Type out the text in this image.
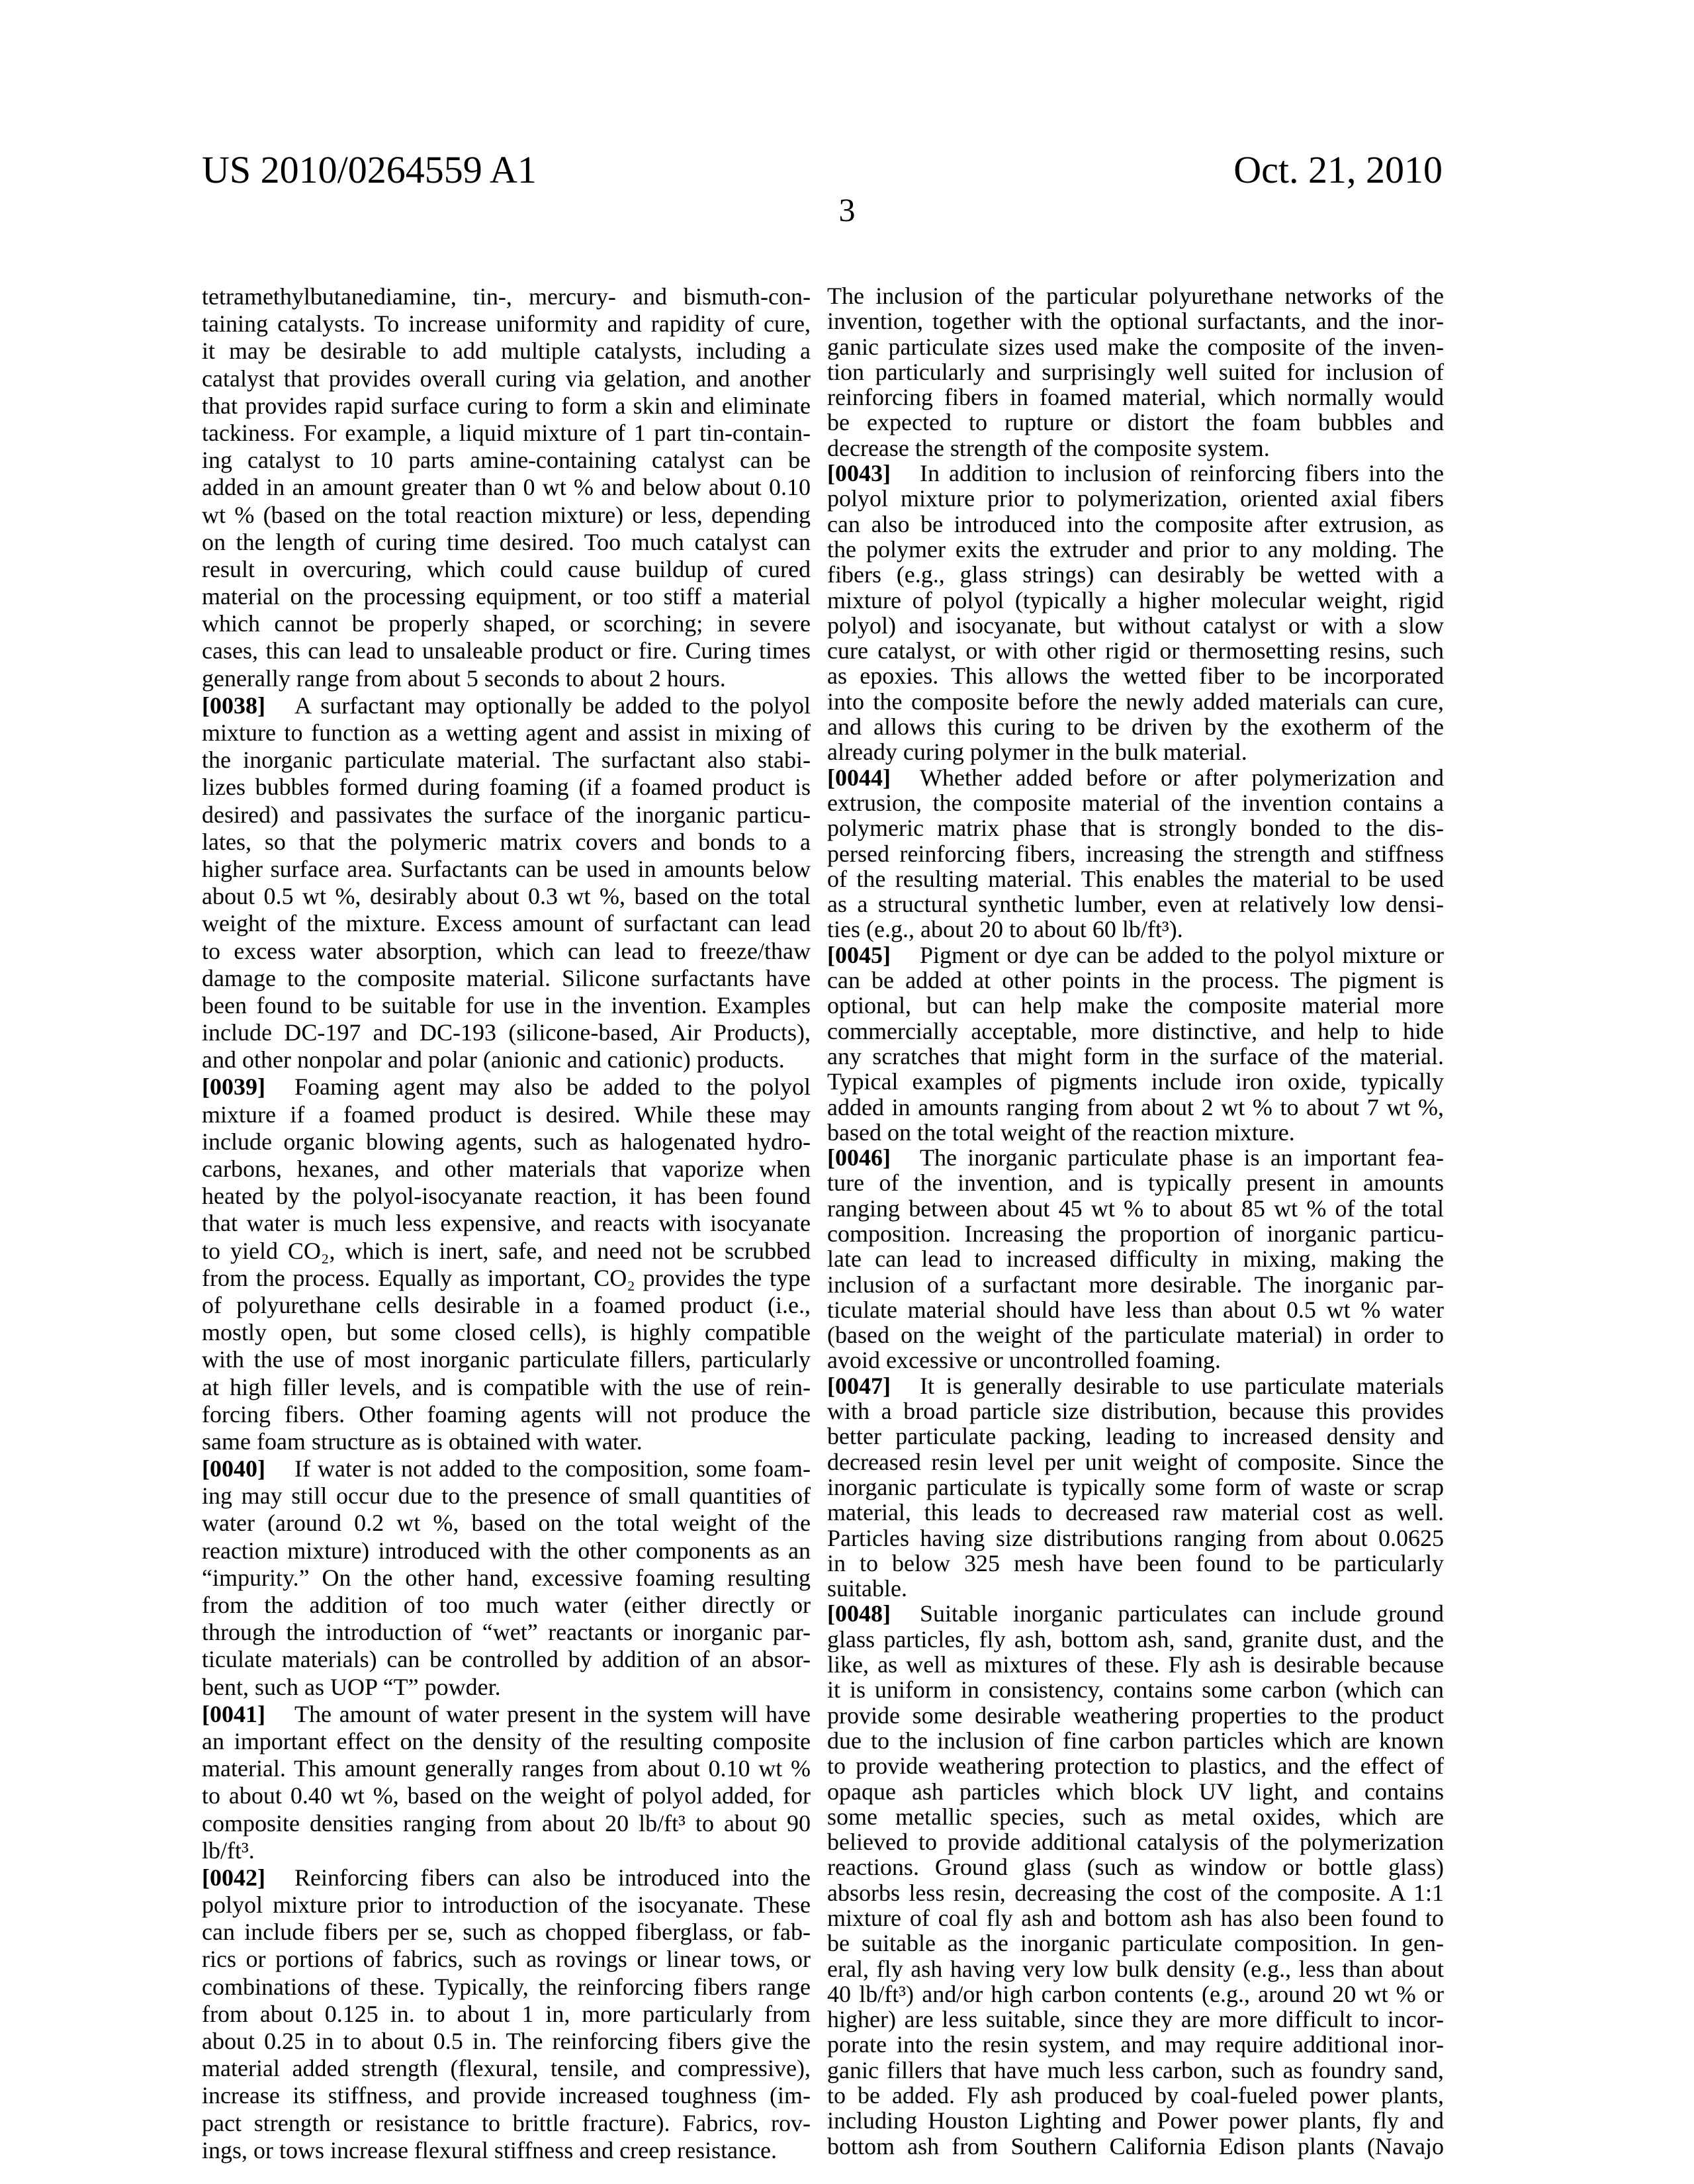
US 2010/0264559 A1	Oct. 21, 2010
3
tetramethylbutanediamine, tin-, mercury- and bismuth-con-
taining catalysts. To increase uniformity and rapidity of cure,
it may be desirable to add multiple catalysts, including a
catalyst that provides overall curing via gelation, and another
that provides rapid surface curing to form a skin and eliminate
tackiness. For example, a liquid mixture of 1 part tin-contain-
ing catalyst to 10 parts amine-containing catalyst can be
added in an amount greater than 0 wt % and below about 0.10
wt % (based on the total reaction mixture) or less, depending
on the length of curing time desired. Too much catalyst can
result in overcuring, which could cause buildup of cured
material on the processing equipment, or too stiff a material
which cannot be properly shaped, or scorching; in severe
cases, this can lead to unsaleable product or fire. Curing times
generally range from about 5 seconds to about 2 hours.
[0038] A surfactant may optionally be added to the polyol
mixture to function as a wetting agent and assist in mixing of
the inorganic particulate material. The surfactant also stabi-
lizes bubbles formed during foaming (if a foamed product is
desired) and passivates the surface of the inorganic particu-
lates, so that the polymeric matrix covers and bonds to a
higher surface area. Surfactants can be used in amounts below
about 0.5 wt %, desirably about 0.3 wt %, based on the total
weight of the mixture. Excess amount of surfactant can lead
to excess water absorption, which can lead to freeze/thaw
damage to the composite material. Silicone surfactants have
been found to be suitable for use in the invention. Examples
include DC-197 and DC-193 (silicone-based, Air Products),
and other nonpolar and polar (anionic and cationic) products.
[0039] Foaming agent may also be added to the polyol
mixture if a foamed product is desired. While these may
include organic blowing agents, such as halogenated hydro-
carbons, hexanes, and other materials that vaporize when
heated by the polyol-isocyanate reaction, it has been found
that water is much less expensive, and reacts with isocyanate
to yield CO₂, which is inert, safe, and need not be scrubbed
from the process. Equally as important, CO₂ provides the type
of polyurethane cells desirable in a foamed product (i.e.,
mostly open, but some closed cells), is highly compatible
with the use of most inorganic particulate fillers, particularly
at high filler levels, and is compatible with the use of rein-
forcing fibers. Other foaming agents will not produce the
same foam structure as is obtained with water.
[0040] If water is not added to the composition, some foam-
ing may still occur due to the presence of small quantities of
water (around 0.2 wt %, based on the total weight of the
reaction mixture) introduced with the other components as an
“impurity.” On the other hand, excessive foaming resulting
from the addition of too much water (either directly or
through the introduction of “wet” reactants or inorganic par-
ticulate materials) can be controlled by addition of an absor-
bent, such as UOP “T” powder.
[0041] The amount of water present in the system will have
an important effect on the density of the resulting composite
material. This amount generally ranges from about 0.10 wt %
to about 0.40 wt %, based on the weight of polyol added, for
composite densities ranging from about 20 lb/ft³ to about 90
lb/ft³.
[0042] Reinforcing fibers can also be introduced into the
polyol mixture prior to introduction of the isocyanate. These
can include fibers per se, such as chopped fiberglass, or fab-
rics or portions of fabrics, such as rovings or linear tows, or
combinations of these. Typically, the reinforcing fibers range
from about 0.125 in. to about 1 in, more particularly from
about 0.25 in to about 0.5 in. The reinforcing fibers give the
material added strength (flexural, tensile, and compressive),
increase its stiffness, and provide increased toughness (im-
pact strength or resistance to brittle fracture). Fabrics, rov-
ings, or tows increase flexural stiffness and creep resistance.
The inclusion of the particular polyurethane networks of the
invention, together with the optional surfactants, and the inor-
ganic particulate sizes used make the composite of the inven-
tion particularly and surprisingly well suited for inclusion of
reinforcing fibers in foamed material, which normally would
be expected to rupture or distort the foam bubbles and
decrease the strength of the composite system.
[0043] In addition to inclusion of reinforcing fibers into the
polyol mixture prior to polymerization, oriented axial fibers
can also be introduced into the composite after extrusion, as
the polymer exits the extruder and prior to any molding. The
fibers (e.g., glass strings) can desirably be wetted with a
mixture of polyol (typically a higher molecular weight, rigid
polyol) and isocyanate, but without catalyst or with a slow
cure catalyst, or with other rigid or thermosetting resins, such
as epoxies. This allows the wetted fiber to be incorporated
into the composite before the newly added materials can cure,
and allows this curing to be driven by the exotherm of the
already curing polymer in the bulk material.
[0044] Whether added before or after polymerization and
extrusion, the composite material of the invention contains a
polymeric matrix phase that is strongly bonded to the dis-
persed reinforcing fibers, increasing the strength and stiffness
of the resulting material. This enables the material to be used
as a structural synthetic lumber, even at relatively low densi-
ties (e.g., about 20 to about 60 lb/ft³).
[0045] Pigment or dye can be added to the polyol mixture or
can be added at other points in the process. The pigment is
optional, but can help make the composite material more
commercially acceptable, more distinctive, and help to hide
any scratches that might form in the surface of the material.
Typical examples of pigments include iron oxide, typically
added in amounts ranging from about 2 wt % to about 7 wt %,
based on the total weight of the reaction mixture.
[0046] The inorganic particulate phase is an important fea-
ture of the invention, and is typically present in amounts
ranging between about 45 wt % to about 85 wt % of the total
composition. Increasing the proportion of inorganic particu-
late can lead to increased difficulty in mixing, making the
inclusion of a surfactant more desirable. The inorganic par-
ticulate material should have less than about 0.5 wt % water
(based on the weight of the particulate material) in order to
avoid excessive or uncontrolled foaming.
[0047] It is generally desirable to use particulate materials
with a broad particle size distribution, because this provides
better particulate packing, leading to increased density and
decreased resin level per unit weight of composite. Since the
inorganic particulate is typically some form of waste or scrap
material, this leads to decreased raw material cost as well.
Particles having size distributions ranging from about 0.0625
in to below 325 mesh have been found to be particularly
suitable.
[0048] Suitable inorganic particulates can include ground
glass particles, fly ash, bottom ash, sand, granite dust, and the
like, as well as mixtures of these. Fly ash is desirable because
it is uniform in consistency, contains some carbon (which can
provide some desirable weathering properties to the product
due to the inclusion of fine carbon particles which are known
to provide weathering protection to plastics, and the effect of
opaque ash particles which block UV light, and contains
some metallic species, such as metal oxides, which are
believed to provide additional catalysis of the polymerization
reactions. Ground glass (such as window or bottle glass)
absorbs less resin, decreasing the cost of the composite. A 1:1
mixture of coal fly ash and bottom ash has also been found to
be suitable as the inorganic particulate composition. In gen-
eral, fly ash having very low bulk density (e.g., less than about
40 lb/ft³) and/or high carbon contents (e.g., around 20 wt % or
higher) are less suitable, since they are more difficult to incor-
porate into the resin system, and may require additional inor-
ganic fillers that have much less carbon, such as foundry sand,
to be added. Fly ash produced by coal-fueled power plants,
including Houston Lighting and Power power plants, fly and
bottom ash from Southern California Edison plants (Navajo
